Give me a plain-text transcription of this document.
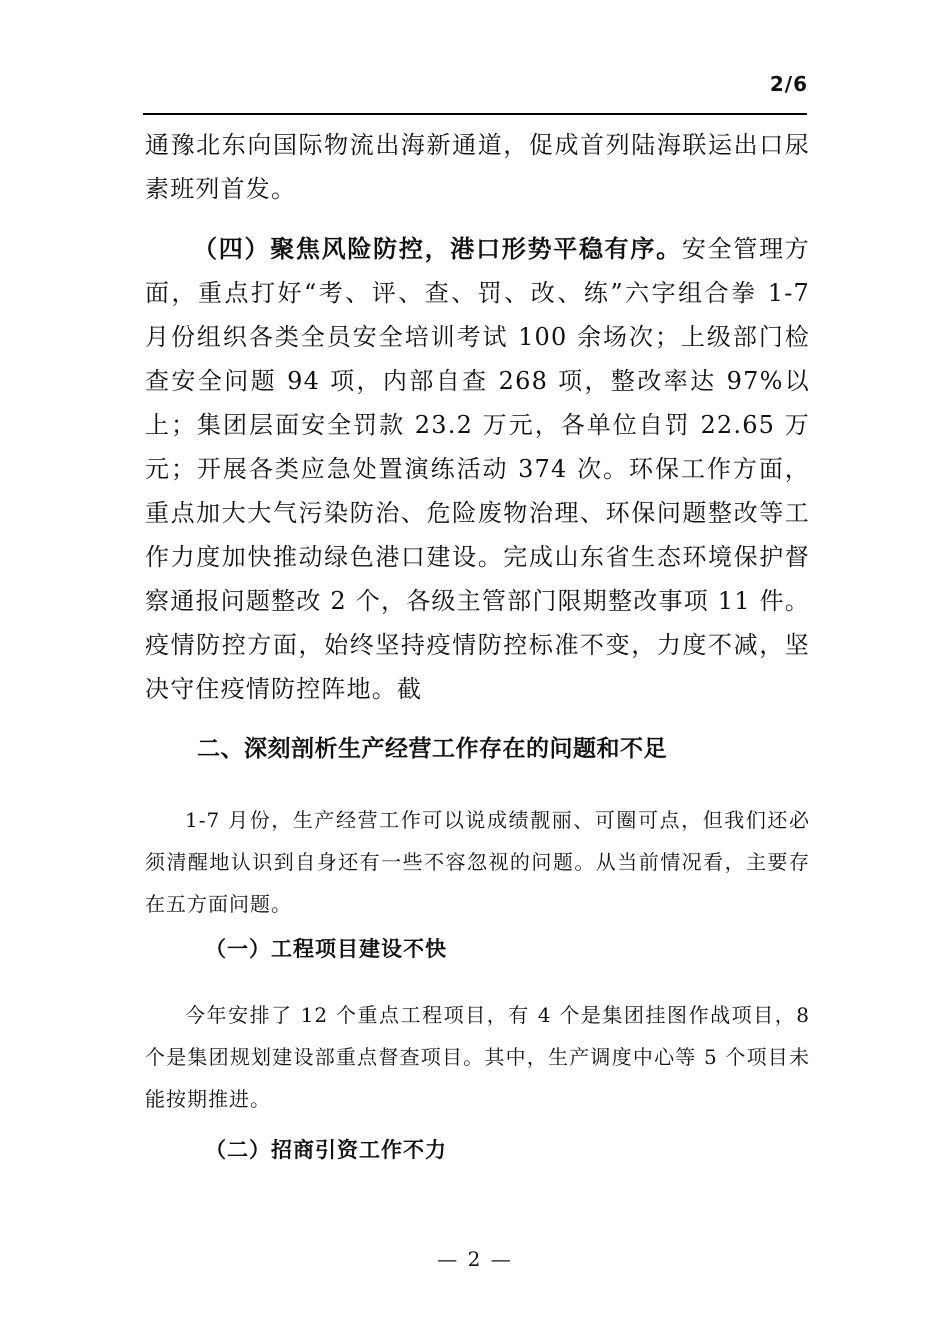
2/6

通豫北东向国际物流出海新通道，促成首列陆海联运出口尿素班列首发。

（四）聚焦风险防控，港口形势平稳有序。安全管理方面，重点打好“考、评、查、罚、改、练”六字组合拳 1-7 月份组织各类全员安全培训考试 100 余场次；上级部门检查安全问题 94 项，内部自查 268 项，整改率达 97%以上；集团层面安全罚款 23.2 万元，各单位自罚 22.65 万元；开展各类应急处置演练活动 374 次。环保工作方面，重点加大大气污染防治、危险废物治理、环保问题整改等工作力度加快推动绿色港口建设。完成山东省生态环境保护督察通报问题整改 2 个，各级主管部门限期整改事项 11 件。疫情防控方面，始终坚持疫情防控标准不变，力度不减，坚决守住疫情防控阵地。截

二、深刻剖析生产经营工作存在的问题和不足

1-7 月份，生产经营工作可以说成绩靓丽、可圈可点，但我们还必须清醒地认识到自身还有一些不容忽视的问题。从当前情况看，主要存在五方面问题。

（一）工程项目建设不快

今年安排了 12 个重点工程项目，有 4 个是集团挂图作战项目，8 个是集团规划建设部重点督查项目。其中，生产调度中心等 5 个项目未能按期推进。

（二）招商引资工作不力
— 2 —
